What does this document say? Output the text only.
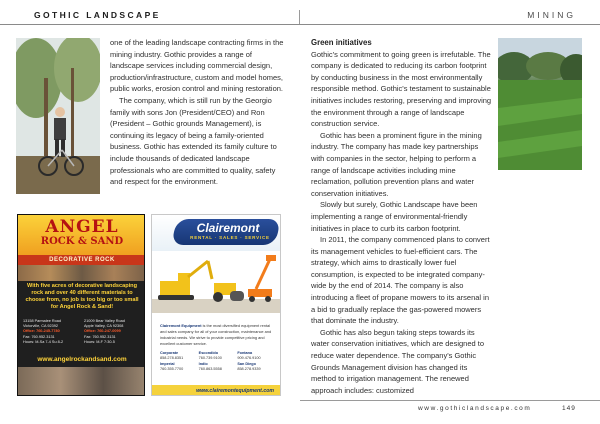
GOTHIC LANDSCAPE	MINING

one of the leading landscape contracting firms in the mining industry. Gothic provides a range of landscape services including commercial design, production/infrastructure, custom and model homes, public works, erosion control and mining restoration.

The company, which is still run by the Georgio family with sons Jon (President/CEO) and Ron (President – Gothic grounds Management), is continuing its legacy of being a family-oriented business. Gothic has extended its family culture to include thousands of dedicated landscape professionals who are committed to quality, safety and respect for the environment.

Green initiatives

Gothic's commitment to going green is irrefutable. The company is dedicated to reducing its carbon footprint by conducting business in the most environmentally responsible method. Gothic's testament to sustainable initiatives includes restoring, preserving and improving the environment through a range of landscape construction service.

Gothic has been a prominent figure in the mining industry. The company has made key partnerships with companies in the sector, helping to perform a range of landscape activities including mine reclamation, pollution prevention plans and water conservation initiatives.

Slowly but surely, Gothic Landscape have been implementing a range of environmental-friendly initiatives in place to curb its carbon footprint.

In 2011, the company commenced plans to convert its management vehicles to fuel-efficient cars. The strategy, which aims to drastically lower fuel consumption, is expected to be integrated company-wide by the end of 2014. The company is also introducing a fleet of propane mowers to its arsenal in a bid to gradually replace the gas-powered mowers that dominate the industry.

Gothic has also begun taking steps towards its water conservation initiatives, which are designed to reduce water dependence. The company's Gothic Grounds Management division has changed its method to irrigation management. The renewed approach includes: customized

ANGEL
ROCK & SAND
DECORATIVE ROCK
With five acres of decorative landscaping rock and over 40 different materials to choose from, no job is too big or too small for Angel Rock & Sand!
13158 Parmalee Road
Victorville, CA 92392
Office: 760-245-7780
Fax: 760.952.3131
Hours: M-Sa 7-4 Su 8-2
21009 Bear Valley Road
Apple Valley, CA 92308
Office: 760-247-0099
Fax: 760.952.3131
Hours: M-F 7:30-5
www.angelrockandsand.com
Clairemont
RENTAL · SALES · SERVICE
Clairemont Equipment is the most diversified equipment rental and sales company for all of your construction, maintenance and industrial needs. We strive to provide competitive pricing and excellent customer service.
Corporate
858.278.8351
Escondido
760.739.9100
Fontana
909.476.9100
Imperial
760.355.7700
Indio
760.863.5558
San Diego
858.278.9339
www.clairemontequipment.com
www.gothiclandscape.com	149
